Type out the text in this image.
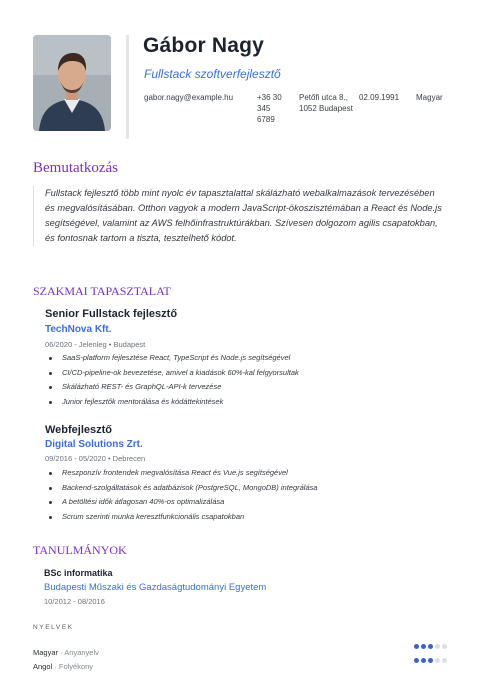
Gábor Nagy
Fullstack szoftverfejlesztő
gabor.nagy@example.hu	+36 30 345 6789
Petőfi utca 8., 1052 Budapest
02.09.1991 Magyar
Bemutatkozás
Fullstack fejlesztő több mint nyolc év tapasztalattal skálázható webalkalmazások tervezésében és megvalósításában. Otthon vagyok a modern JavaScript-ökoszisztémában a React és Node.js segítségével, valamint az AWS felhőinfrastruktúrákban. Szívesen dolgozom agilis csapatokban, és fontosnak tartom a tiszta, tesztelhető kódot.
SZAKMAI TAPASZTALAT
Senior Fullstack fejlesztő
TechNova Kft.
06/2020 - Jelenleg • Budapest
SaaS-platform fejlesztése React, TypeScript és Node.js segítségével
CI/CD-pipeline-ok bevezetése, amivel a kiadások 60%-kal felgyorsultak
Skálázható REST- és GraphQL-API-k tervezése
Junior fejlesztők mentorálása és kódáttekintések
Webfejlesztő
Digital Solutions Zrt.
09/2016 - 05/2020 • Debrecen
Reszponzív frontendek megvalósítása React és Vue.js segítségével
Backend-szolgáltatások és adatbázisok (PostgreSQL, MongoDB) integrálása
A betöltési idők átlagosan 40%-os optimalizálása
Scrum szerinti munka keresztfunkcionális csapatokban
TANULMÁNYOK
BSc informatika
Budapesti Műszaki és Gazdaságtudományi Egyetem
10/2012 - 08/2016
NYELVEK
Magyar · Anyanyelv
Angol · Folyékony
